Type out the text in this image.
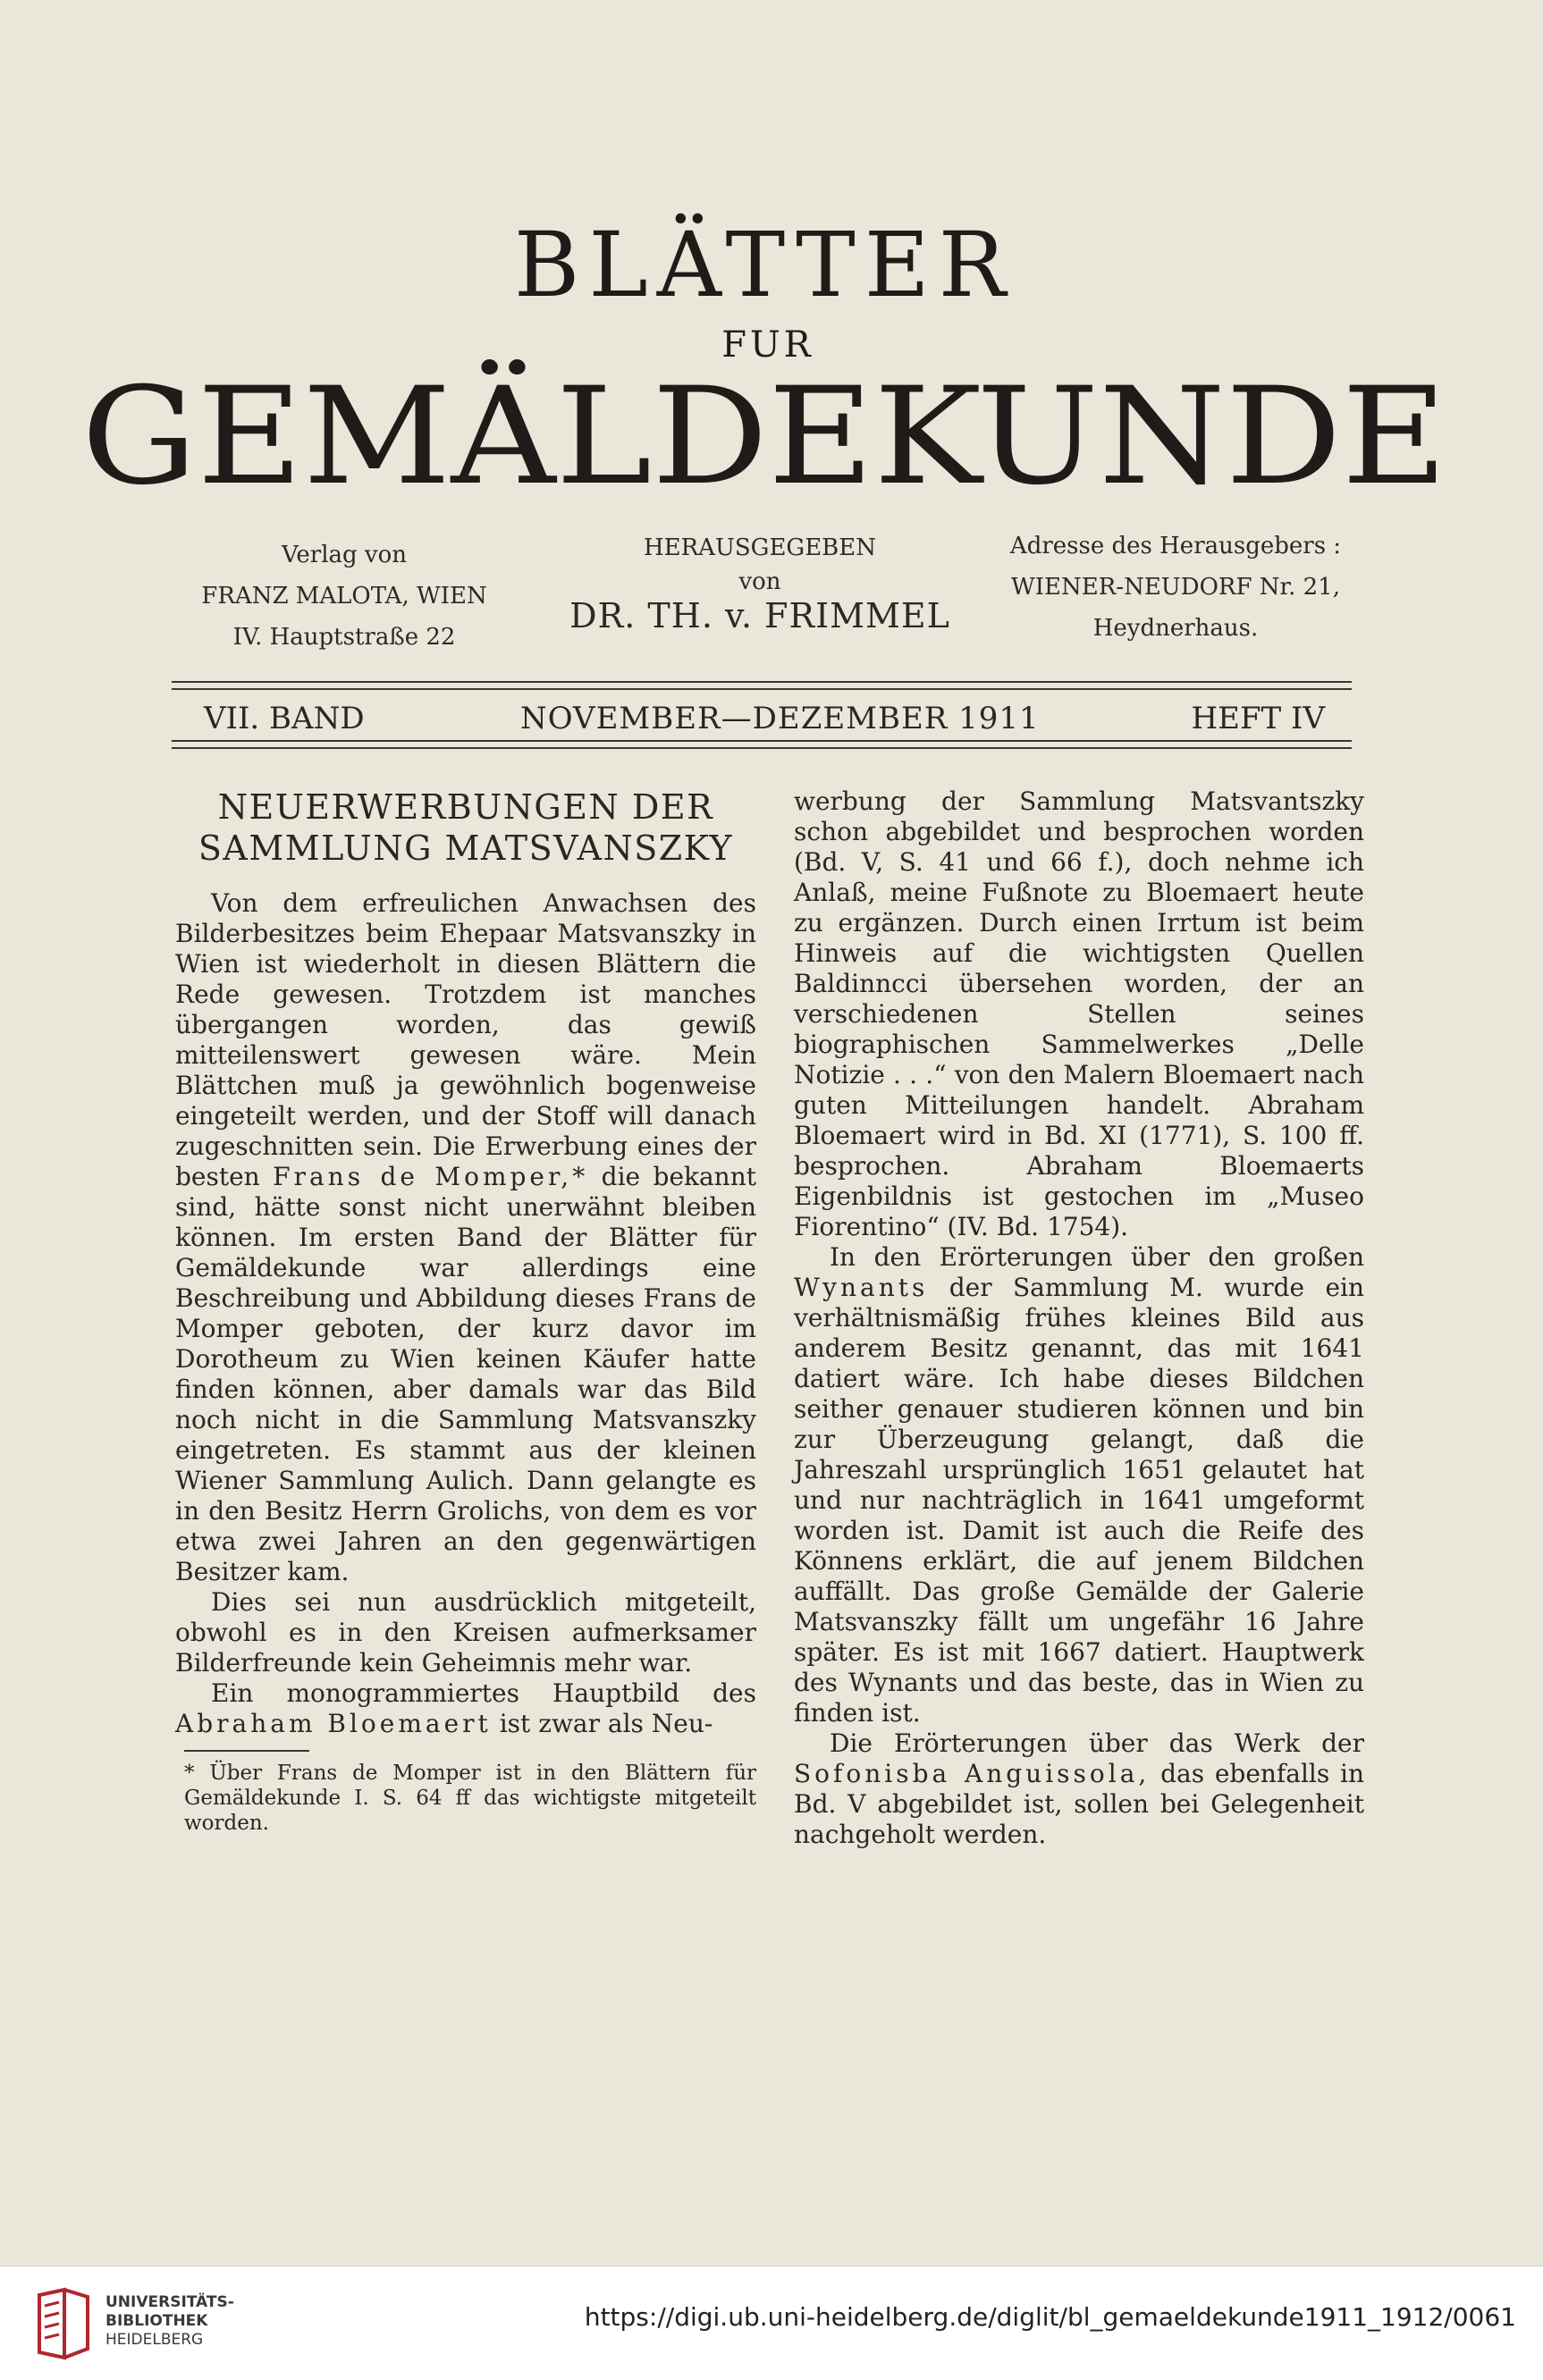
BLÄTTER
FUR
GEMÄLDEKUNDE
Verlag von
FRANZ MALOTA, WIEN
IV. Hauptstraße 22
HERAUSGEGEBEN
von
DR. TH. v. FRIMMEL
Adresse des Herausgebers :
WIENER-NEUDORF Nr. 21,
Heydnerhaus.
VII. BAND	NOVEMBER—DEZEMBER 1911	HEFT IV
NEUERWERBUNGEN DER SAMMLUNG MATSVANSZKY

Von dem erfreulichen Anwachsen des Bilderbesitzes beim Ehepaar Matsvanszky in Wien ist wiederholt in diesen Blättern die Rede gewesen. Trotzdem ist manches übergangen worden, das gewiß mitteilenswert gewesen wäre. Mein Blättchen muß ja gewöhnlich bogenweise eingeteilt werden, und der Stoff will danach zugeschnitten sein. Die Erwerbung eines der besten Frans de Momper,* die bekannt sind, hätte sonst nicht unerwähnt bleiben können. Im ersten Band der Blätter für Gemäldekunde war allerdings eine Beschreibung und Abbildung dieses Frans de Momper geboten, der kurz davor im Dorotheum zu Wien keinen Käufer hatte finden können, aber damals war das Bild noch nicht in die Sammlung Matsvanszky eingetreten. Es stammt aus der kleinen Wiener Sammlung Aulich. Dann gelangte es in den Besitz Herrn Grolichs, von dem es vor etwa zwei Jahren an den gegenwärtigen Besitzer kam.

Dies sei nun ausdrücklich mitgeteilt, obwohl es in den Kreisen aufmerksamer Bilderfreunde kein Geheimnis mehr war.

Ein monogrammiertes Hauptbild des Abraham Bloemaert ist zwar als Neu-

* Über Frans de Momper ist in den Blättern für Gemäldekunde I. S. 64 ff das wichtigste mitgeteilt worden.

werbung der Sammlung Matsvantszky schon abgebildet und besprochen worden (Bd. V, S. 41 und 66 f.), doch nehme ich Anlaß, meine Fußnote zu Bloemaert heute zu ergänzen. Durch einen Irrtum ist beim Hinweis auf die wichtigsten Quellen Baldinncci übersehen worden, der an verschiedenen Stellen seines biographischen Sammelwerkes „Delle Notizie . . .“ von den Malern Bloemaert nach guten Mitteilungen handelt. Abraham Bloemaert wird in Bd. XI (1771), S. 100 ff. besprochen. Abraham Bloemaerts Eigenbildnis ist gestochen im „Museo Fiorentino“ (IV. Bd. 1754).

In den Erörterungen über den großen Wynants der Sammlung M. wurde ein verhältnismäßig frühes kleines Bild aus anderem Besitz genannt, das mit 1641 datiert wäre. Ich habe dieses Bildchen seither genauer studieren können und bin zur Überzeugung gelangt, daß die Jahreszahl ursprünglich 1651 gelautet hat und nur nachträglich in 1641 umgeformt worden ist. Damit ist auch die Reife des Könnens erklärt, die auf jenem Bildchen auffällt. Das große Gemälde der Galerie Matsvanszky fällt um ungefähr 16 Jahre später. Es ist mit 1667 datiert. Hauptwerk des Wynants und das beste, das in Wien zu finden ist.

Die Erörterungen über das Werk der Sofonisba Anguissola, das ebenfalls in Bd. V abgebildet ist, sollen bei Gelegenheit nachgeholt werden.

UNIVERSITÄTS-
BIBLIOTHEK
HEIDELBERG
https://digi.ub.uni-heidelberg.de/diglit/bl_gemaeldekunde1911_1912/0061
